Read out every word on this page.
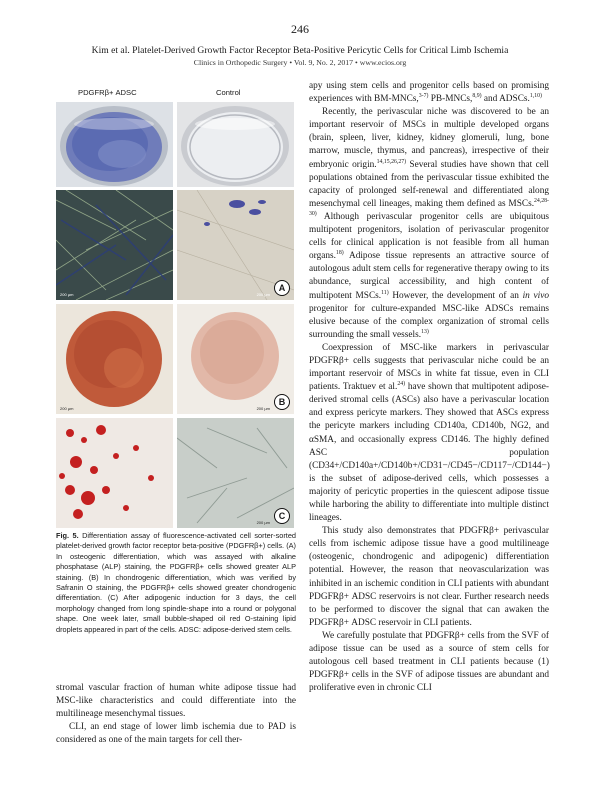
246
Kim et al. Platelet-Derived Growth Factor Receptor Beta-Positive Pericytic Cells for Critical Limb Ischemia
Clinics in Orthopedic Surgery • Vol. 9, No. 2, 2017 • www.ecios.org
PDGFRβ+ ADSC	Control
200 µm	200 µm
A
200 µm	200 µm
B
200 µm
C
Fig. 5. Differentiation assay of fluorescence-activated cell sorter-sorted platelet-derived growth factor receptor beta-positive (PDGFRβ+) cells. (A) In osteogenic differentiation, which was assayed with alkaline phosphatase (ALP) staining, the PDGFRβ+ cells showed greater ALP staining. (B) In chondrogenic differentiation, which was verified by Safranin O staining, the PDGFRβ+ cells showed greater chondrogenic differentiation. (C) After adipogenic induction for 3 days, the cell morphology changed from long spindle-shape into a round or polygonal shape. One week later, small bubble-shaped oil red O-staining lipid droplets appeared in part of the cells. ADSC: adipose-derived stem cells.

stromal vascular fraction of human white adipose tissue had MSC-like characteristics and could differentiate into the multilineage mesenchymal tissues.

CLI, an end stage of lower limb ischemia due to PAD is considered as one of the main targets for cell ther-

apy using stem cells and progenitor cells based on promising experiences with BM-MNCs,$^{3-7)}$ PB-MNCs,$^{8,9)}$ and ADSCs.$^{1,10)}$

Recently, the perivascular niche was discovered to be an important reservoir of MSCs in multiple developed organs (brain, spleen, liver, kidney, kidney glomeruli, lung, bone marrow, muscle, thymus, and pancreas), irrespective of their embryonic origin.$^{14,15,26,27)}$ Several studies have shown that cell populations obtained from the perivascular tissue exhibited the capacity of prolonged self-renewal and differentiated along mesenchymal cell lineages, making them defined as MSCs.$^{24,28-30)}$ Although perivascular progenitor cells are ubiquitous multipotent progenitors, isolation of perivascular progenitor cells for clinical application is not feasible from all human organs.$^{18)}$ Adipose tissue represents an attractive source of autologous adult stem cells for regenerative therapy owing to its abundance, surgical accessibility, and high content of multipotent MSCs.$^{11)}$ However, the development of an in vivo progenitor for culture-expanded MSC-like ADSCs remains elusive because of the complex organization of stromal cells surrounding the small vessels.$^{13)}$

Coexpression of MSC-like markers in perivascular PDGFRβ+ cells suggests that perivascular niche could be an important reservoir of MSCs in white fat tissue, even in CLI patients. Traktuev et al.$^{24)}$ have shown that multipotent adipose-derived stromal cells (ASCs) also have a perivascular location and express pericyte markers. They showed that ASCs express the pericyte markers including CD140a, CD140b, NG2, and αSMA, and occasionally express CD146. The highly defined ASC population (CD34+/CD140a+/CD140b+/CD31−/CD45−/CD117−/CD144−) is the subset of adipose-derived cells, which possesses a majority of pericytic properties in the quiescent adipose tissue while harboring the ability to differentiate into multiple distinct lineages.

This study also demonstrates that PDGFRβ+ perivascular cells from ischemic adipose tissue have a good multilineage (osteogenic, chondrogenic and adipogenic) differentiation potential. However, the reason that neovascularization was inhibited in an ischemic condition in CLI patients with abundant PDGFRβ+ ADSC reservoirs is not clear. Further research needs to be performed to discover the signal that can awaken the PDGFRβ+ ADSC reservoir in CLI patients.

We carefully postulate that PDGFRβ+ cells from the SVF of adipose tissue can be used as a source of stem cells for autologous cell based treatment in CLI patients because (1) PDGFRβ+ cells in the SVF of adipose tissues are abundant and proliferative even in chronic CLI
